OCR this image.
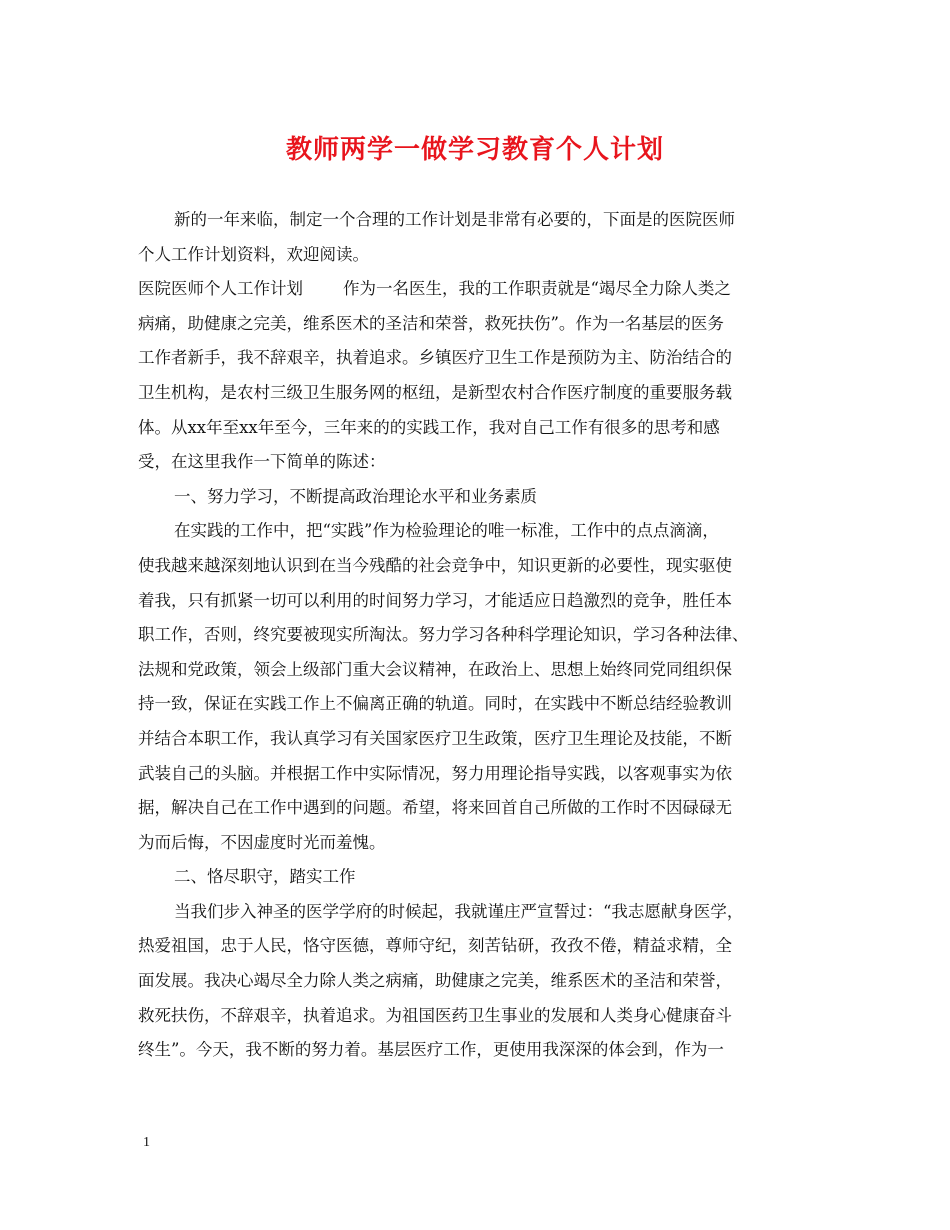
教师两学一做学习教育个人计划
新的一年来临，制定一个合理的工作计划是非常有必要的，下面是的医院医师
个人工作计划资料，欢迎阅读。
医院医师个人工作计划 作为一名医生，我的工作职责就是“竭尽全力除人类之
病痛，助健康之完美，维系医术的圣洁和荣誉，救死扶伤”。作为一名基层的医务
工作者新手，我不辞艰辛，执着追求。乡镇医疗卫生工作是预防为主、防治结合的
卫生机构，是农村三级卫生服务网的枢纽，是新型农村合作医疗制度的重要服务载
体。从xx年至xx年至今，三年来的的实践工作，我对自己工作有很多的思考和感
受，在这里我作一下简单的陈述：
一、努力学习，不断提高政治理论水平和业务素质
在实践的工作中，把“实践”作为检验理论的唯一标准，工作中的点点滴滴，
使我越来越深刻地认识到在当今残酷的社会竞争中，知识更新的必要性，现实驱使
着我，只有抓紧一切可以利用的时间努力学习，才能适应日趋激烈的竞争，胜任本
职工作，否则，终究要被现实所淘汰。努力学习各种科学理论知识，学习各种法律、
法规和党政策，领会上级部门重大会议精神，在政治上、思想上始终同党同组织保
持一致，保证在实践工作上不偏离正确的轨道。同时，在实践中不断总结经验教训
并结合本职工作，我认真学习有关国家医疗卫生政策，医疗卫生理论及技能，不断
武装自己的头脑。并根据工作中实际情况，努力用理论指导实践，以客观事实为依
据，解决自己在工作中遇到的问题。希望，将来回首自己所做的工作时不因碌碌无
为而后悔，不因虚度时光而羞愧。
二、恪尽职守，踏实工作
当我们步入神圣的医学学府的时候起，我就谨庄严宣誓过：“我志愿献身医学，
热爱祖国，忠于人民，恪守医德，尊师守纪，刻苦钻研，孜孜不倦，精益求精，全
面发展。我决心竭尽全力除人类之病痛，助健康之完美，维系医术的圣洁和荣誉，
救死扶伤，不辞艰辛，执着追求。为祖国医药卫生事业的发展和人类身心健康奋斗
终生”。今天，我不断的努力着。基层医疗工作，更使用我深深的体会到，作为一
1
